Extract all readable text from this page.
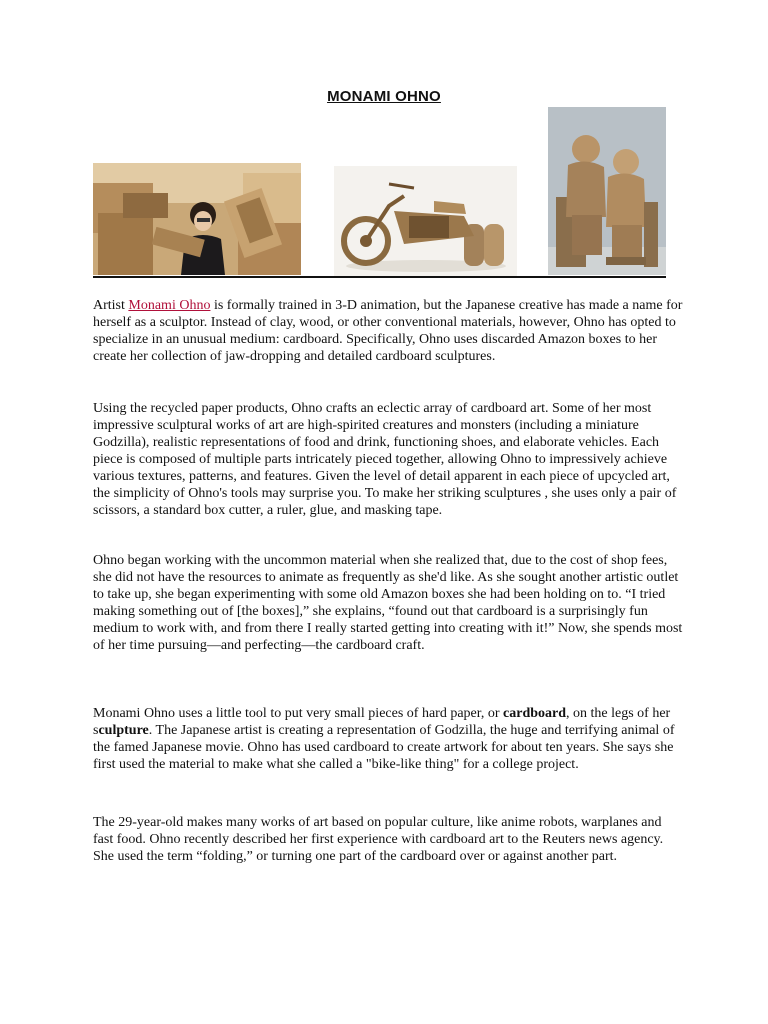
MONAMI OHNO

Artist Monami Ohno is formally trained in 3-D animation, but the Japanese creative has made a name for herself as a sculptor. Instead of clay, wood, or other conventional materials, however, Ohno has opted to specialize in an unusual medium: cardboard. Specifically, Ohno uses discarded Amazon boxes to her create her collection of jaw-dropping and detailed cardboard sculptures.

Using the recycled paper products, Ohno crafts an eclectic array of cardboard art. Some of her most impressive sculptural works of art are high-spirited creatures and monsters (including a miniature Godzilla), realistic representations of food and drink, functioning shoes, and elaborate vehicles. Each piece is composed of multiple parts intricately pieced together, allowing Ohno to impressively achieve various textures, patterns, and features. Given the level of detail apparent in each piece of upcycled art, the simplicity of Ohno's tools may surprise you. To make her striking sculptures , she uses only a pair of scissors, a standard box cutter, a ruler, glue, and masking tape.

Ohno began working with the uncommon material when she realized that, due to the cost of shop fees, she did not have the resources to animate as frequently as she'd like. As she sought another artistic outlet to take up, she began experimenting with some old Amazon boxes she had been holding on to. “I tried making something out of [the boxes],” she explains, “found out that cardboard is a surprisingly fun medium to work with, and from there I really started getting into creating with it!” Now, she spends most of her time pursuing—and perfecting—the cardboard craft.

Monami Ohno uses a little tool to put very small pieces of hard paper, or cardboard, on the legs of her sculpture. The Japanese artist is creating a representation of Godzilla, the huge and terrifying animal of the famed Japanese movie. Ohno has used cardboard to create artwork for about ten years. She says she first used the material to make what she called a "bike-like thing" for a college project.

The 29-year-old makes many works of art based on popular culture, like anime robots, warplanes and fast food. Ohno recently described her first experience with cardboard art to the Reuters news agency. She used the term “folding,” or turning one part of the cardboard over or against another part.
